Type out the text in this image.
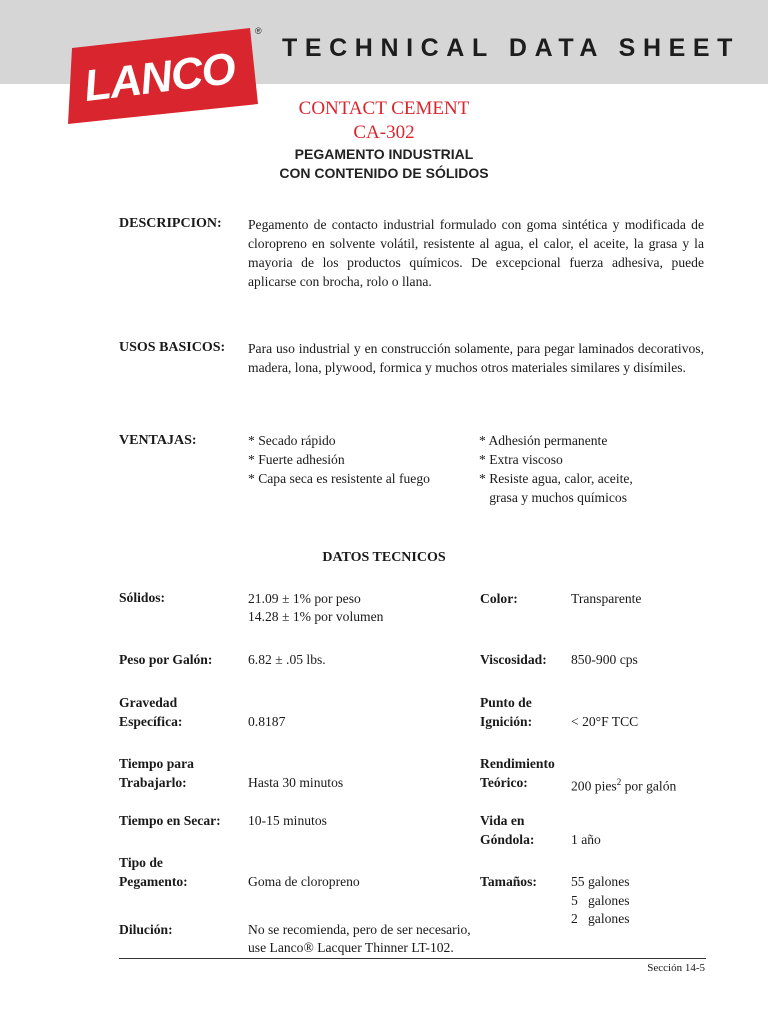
TECHNICAL DATA SHEET
LANCO
®
CONTACT CEMENT
CA-302
PEGAMENTO INDUSTRIAL
CON CONTENIDO DE SÓLIDOS
DESCRIPCION: Pegamento de contacto industrial formulado con goma sintética y modificada de cloropreno en solvente volátil, resistente al agua, el calor, el aceite, la grasa y la mayoria de los productos químicos. De excepcional fuerza adhesiva, puede aplicarse con brocha, rolo o llana.
USOS BASICOS: Para uso industrial y en construcción solamente, para pegar laminados decorativos, madera, lona, plywood, formica y muchos otros materiales similares y disímiles.
VENTAJAS:	* Secado rápido
* Fuerte adhesión
* Capa seca es resistente al fuego
* Adhesión permanente
* Extra viscoso
* Resiste agua, calor, aceite,
grasa y muchos químicos
DATOS TECNICOS
Sólidos:	21.09 ± 1% por peso
14.28 ± 1% por volumen
Color:	Transparente
Peso por Galón:	6.82 ± .05 lbs.	Viscosidad: 850-900 cps
Gravedad
Específica:	0.8187
Punto de
Ignición:	< 20°F TCC
Tiempo para
Trabajarlo:	Hasta 30 minutos
Rendimiento
Teórico:	200 pies$^2$ por galón
Tiempo en Secar: 10-15 minutos	Vida en
Góndola:	1 año
Tipo de
Pegamento:	Goma de cloropreno	Tamaños:	55 galones
5   galones
2   galones
Dilución:	No se recomienda, pero de ser necesario,
use Lanco® Lacquer Thinner LT-102.
Sección 14-5
